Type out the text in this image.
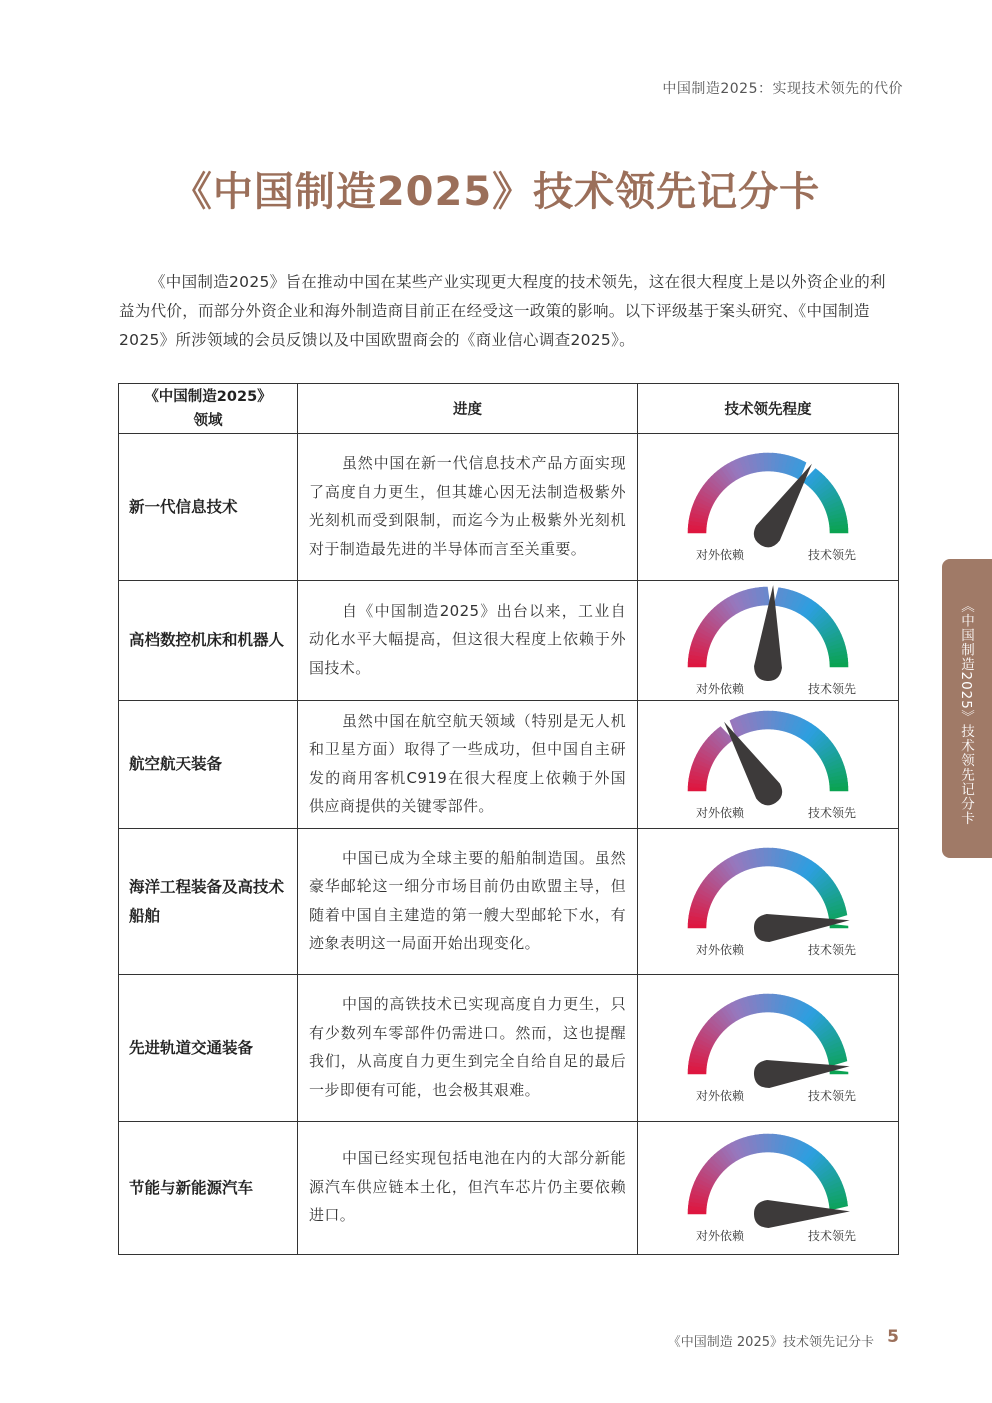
中国制造2025：实现技术领先的代价
《中国制造2025》技术领先记分卡

《中国制造2025》旨在推动中国在某些产业实现更大程度的技术领先，这在很大程度上是以外资企业的利益为代价，而部分外资企业和海外制造商目前正在经受这一政策的影响。以下评级基于案头研究、《中国制造2025》所涉领域的会员反馈以及中国欧盟商会的《商业信心调查2025》。

《中国制造2025》
领域	进度	技术领先程度
新一代信息技术	虽然中国在新一代信息技术产品方面实现了高度自力更生，但其雄心因无法制造极紫外光刻机而受到限制，而迄今为止极紫外光刻机对于制造最先进的半导体而言至关重要。	对外依赖 技术领先

高档数控机床和机器人	自《中国制造2025》出台以来，工业自动化水平大幅提高，但这很大程度上依赖于外国技术。	对外依赖 技术领先

航空航天装备	虽然中国在航空航天领域（特别是无人机和卫星方面）取得了一些成功，但中国自主研发的商用客机C919在很大程度上依赖于外国供应商提供的关键零部件。	对外依赖 技术领先

海洋工程装备及高技术船舶	中国已成为全球主要的船舶制造国。虽然豪华邮轮这一细分市场目前仍由欧盟主导，但随着中国自主建造的第一艘大型邮轮下水，有迹象表明这一局面开始出现变化。	对外依赖 技术领先

先进轨道交通装备	中国的高铁技术已实现高度自力更生，只有少数列车零部件仍需进口。然而，这也提醒我们，从高度自力更生到完全自给自足的最后一步即便有可能，也会极其艰难。	对外依赖 技术领先

节能与新能源汽车	中国已经实现包括电池在内的大部分新能源汽车供应链本土化，但汽车芯片仍主要依赖进口。	对外依赖 技术领先
《中国制造2025》技术领先记分卡
《中国制造 2025》技术领先记分卡 5
